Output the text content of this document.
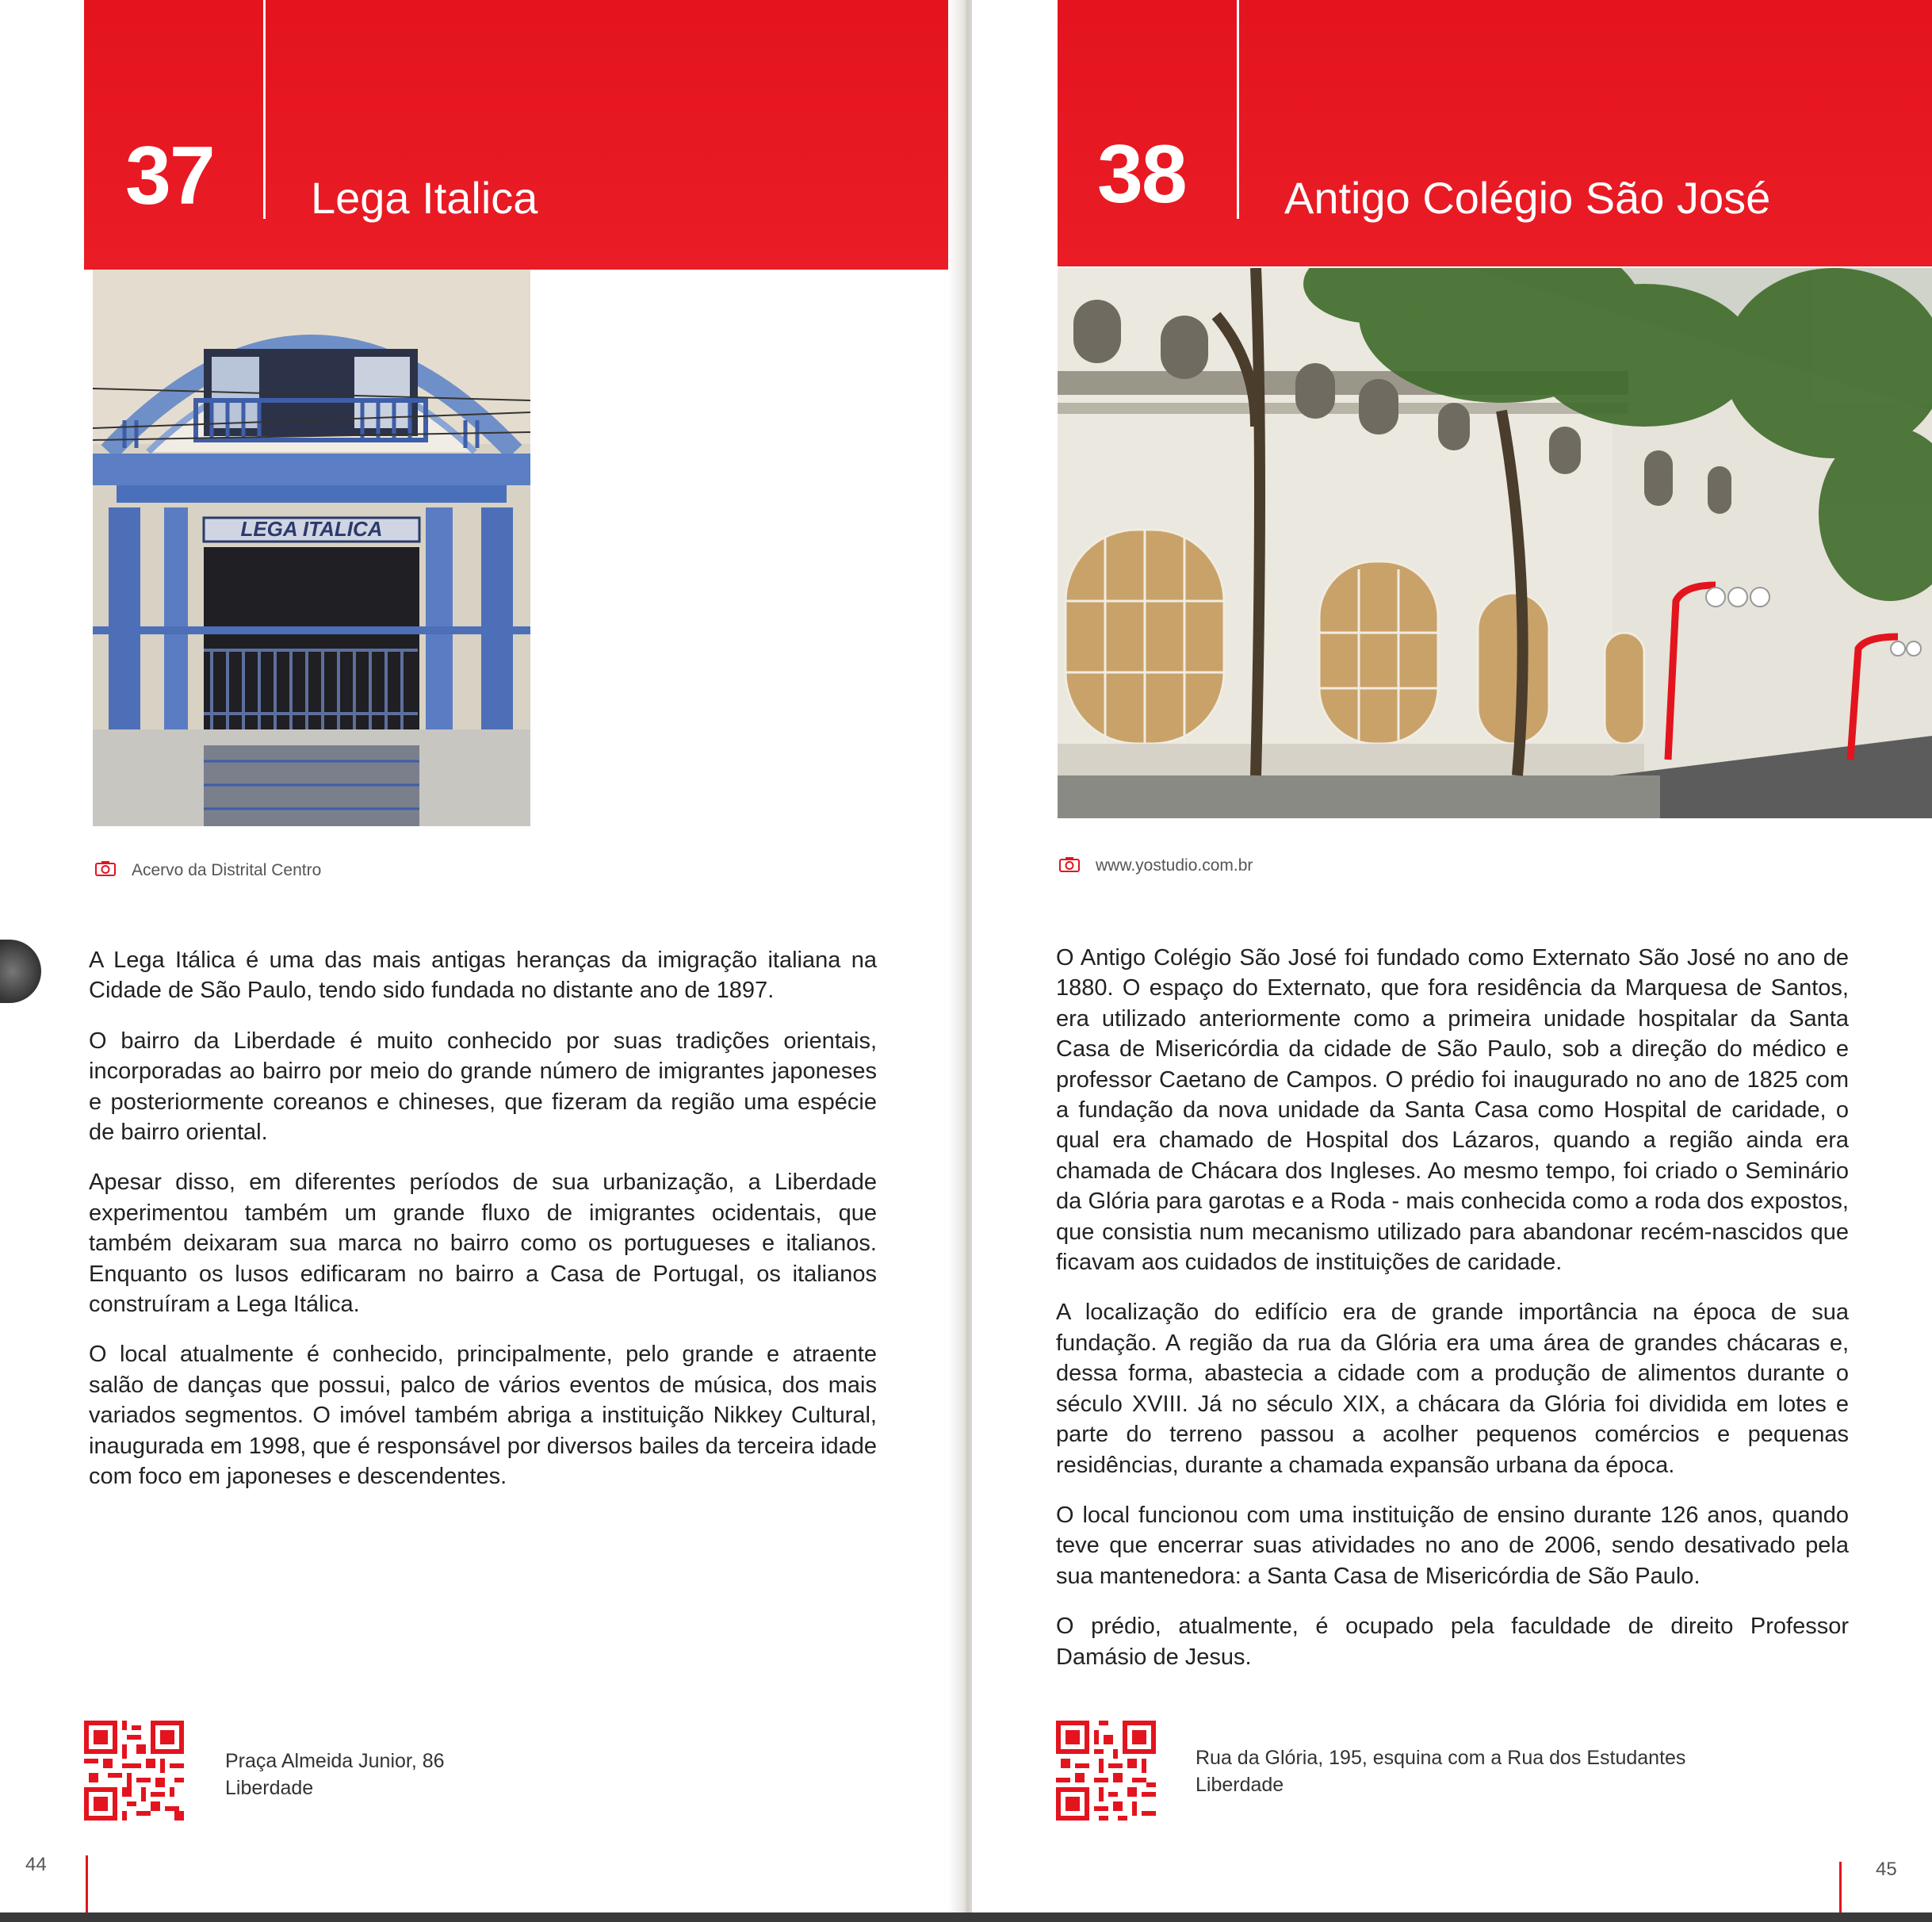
37 Lega Italica
LEGA ITALICA
Acervo da Distrital Centro

A Lega Itálica é uma das mais antigas heranças da imigração italiana na Cidade de São Paulo, tendo sido fundada no distante ano de 1897.

O bairro da Liberdade é muito conhecido por suas tradições orientais, incorporadas ao bairro por meio do grande número de imigrantes japoneses e posteriormente coreanos e chineses, que fizeram da região uma espécie de bairro oriental.

Apesar disso, em diferentes períodos de sua urbanização, a Liberdade experimentou também um grande fluxo de imigrantes ocidentais, que também deixaram sua marca no bairro como os portugueses e italianos. Enquanto os lusos edificaram no bairro a Casa de Portugal, os italianos construíram a Lega Itálica.

O local atualmente é conhecido, principalmente, pelo grande e atraente salão de danças que possui, palco de vários eventos de música, dos mais variados segmentos. O imóvel também abriga a instituição Nikkey Cultural, inaugurada em 1998, que é responsável por diversos bailes da terceira idade com foco em japoneses e descendentes.

Praça Almeida Junior, 86
Liberdade
44
38 Antigo Colégio São José
www.yostudio.com.br

O Antigo Colégio São José foi fundado como Externato São José no ano de 1880. O espaço do Externato, que fora residência da Marquesa de Santos, era utilizado anteriormente como a primeira unidade hospitalar da Santa Casa de Misericórdia da cidade de São Paulo, sob a direção do médico e professor Caetano de Campos. O prédio foi inaugurado no ano de 1825 com a fundação da nova unidade da Santa Casa como Hospital de caridade, o qual era chamado de Hospital dos Lázaros, quando a região ainda era chamada de Chácara dos Ingleses. Ao mesmo tempo, foi criado o Seminário da Glória para garotas e a Roda - mais conhecida como a roda dos expostos, que consistia num mecanismo utilizado para abandonar recém-nascidos que ficavam aos cuidados de instituições de caridade.

A localização do edifício era de grande importância na época de sua fundação. A região da rua da Glória era uma área de grandes chácaras e, dessa forma, abastecia a cidade com a produção de alimentos durante o século XVIII. Já no século XIX, a chácara da Glória foi dividida em lotes e parte do terreno passou a acolher pequenos comércios e pequenas residências, durante a chamada expansão urbana da época.

O local funcionou com uma instituição de ensino durante 126 anos, quando teve que encerrar suas atividades no ano de 2006, sendo desativado pela sua mantenedora: a Santa Casa de Misericórdia de São Paulo.

O prédio, atualmente, é ocupado pela faculdade de direito Professor Damásio de Jesus.

Rua da Glória, 195, esquina com a Rua dos Estudantes
Liberdade
45
